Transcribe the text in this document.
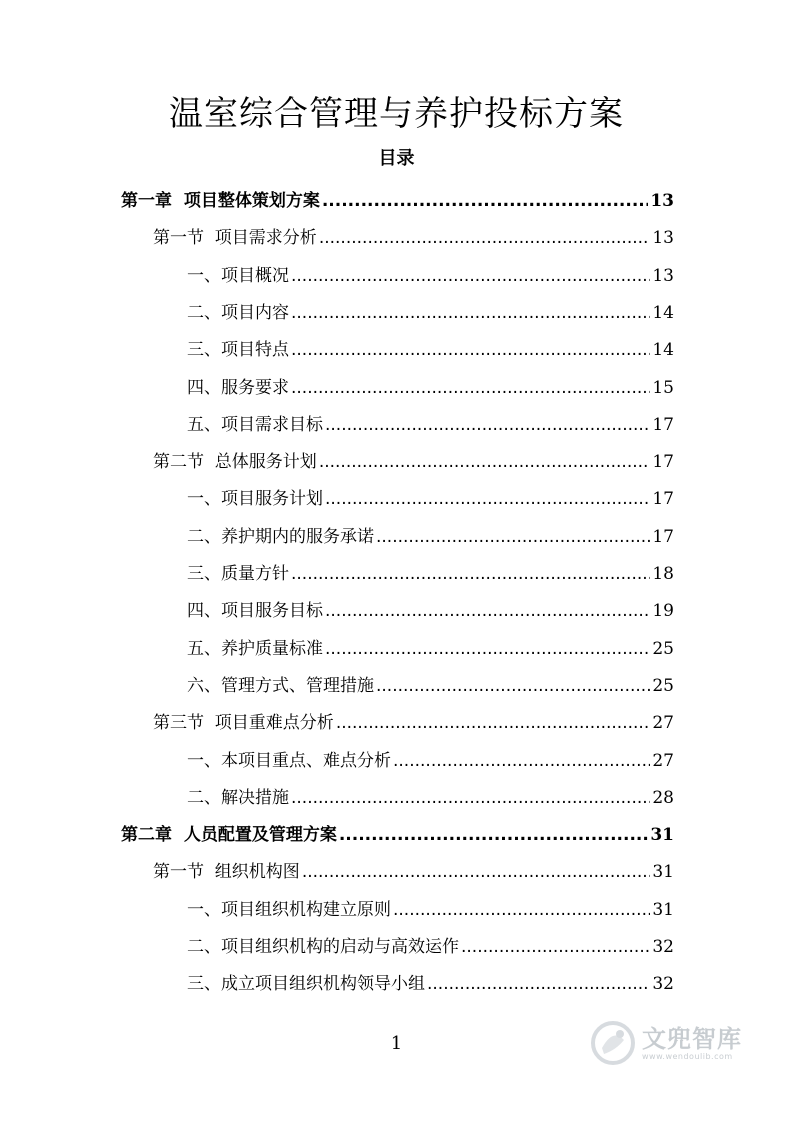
温室综合管理与养护投标方案
目录
第一章  项目整体策划方案 .....	13
第一节  项目需求分析 .....	13
一、项目概况 .....	13
二、项目内容 .....	14
三、项目特点 .....	14
四、服务要求 .....	15
五、项目需求目标 .....	17
第二节  总体服务计划 .....	17
一、项目服务计划 .....	17
二、养护期内的服务承诺 .....	17
三、质量方针 .....	18
四、项目服务目标 .....	19
五、养护质量标准 .....	25
六、管理方式、管理措施 .....	25
第三节  项目重难点分析 .....	27
一、本项目重点、难点分析 .....	27
二、解决措施 .....	28
第二章  人员配置及管理方案 .....	31
第一节  组织机构图 .....	31
一、项目组织机构建立原则 .....	31
二、项目组织机构的启动与高效运作 .....	32
三、成立项目组织机构领导小组 .....	32
1	文兜智库
www.wendoulib.com
